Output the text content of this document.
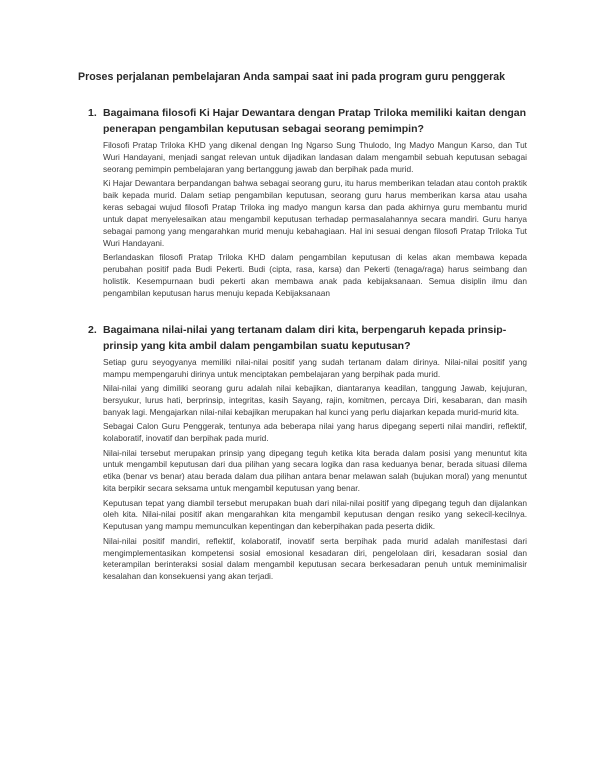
Proses perjalanan pembelajaran Anda sampai saat ini pada program guru penggerak
1. Bagaimana filosofi Ki Hajar Dewantara dengan Pratap Triloka memiliki kaitan dengan penerapan pengambilan keputusan sebagai seorang pemimpin?

Filosofi Pratap Triloka KHD yang dikenal dengan Ing Ngarso Sung Thulodo, Ing Madyo Mangun Karso, dan Tut Wuri Handayani, menjadi sangat relevan untuk dijadikan landasan dalam mengambil sebuah keputusan sebagai seorang pemimpin pembelajaran yang bertanggung jawab dan berpihak pada murid.

Ki Hajar Dewantara berpandangan bahwa sebagai seorang guru, itu harus memberikan teladan atau contoh praktik baik kepada murid. Dalam setiap pengambilan keputusan, seorang guru harus memberikan karsa atau usaha keras sebagai wujud filosofi Pratap Triloka ing madyo mangun karsa dan pada akhirnya guru membantu murid untuk dapat menyelesaikan atau mengambil keputusan terhadap permasalahannya secara mandiri. Guru hanya sebagai pamong yang mengarahkan murid menuju kebahagiaan. Hal ini sesuai dengan filosofi Pratap Triloka Tut Wuri Handayani.

Berlandaskan filosofi Pratap Triloka KHD dalam pengambilan keputusan di kelas akan membawa kepada perubahan positif pada Budi Pekerti. Budi (cipta, rasa, karsa) dan Pekerti (tenaga/raga) harus seimbang dan holistik. Kesempurnaan budi pekerti akan membawa anak pada kebijaksanaan. Semua disiplin ilmu dan pengambilan keputusan harus menuju kepada Kebijaksanaan

2. Bagaimana nilai-nilai yang tertanam dalam diri kita, berpengaruh kepada prinsip-prinsip yang kita ambil dalam pengambilan suatu keputusan?

Setiap guru seyogyanya memiliki nilai-nilai positif yang sudah tertanam dalam dirinya. Nilai-nilai positif yang mampu mempengaruhi dirinya untuk menciptakan pembelajaran yang berpihak pada murid.

Nilai-nilai yang dimiliki seorang guru adalah nilai kebajikan, diantaranya keadilan, tanggung Jawab, kejujuran, bersyukur, lurus hati, berprinsip, integritas, kasih Sayang, rajin, komitmen, percaya Diri, kesabaran, dan masih banyak lagi. Mengajarkan nilai-nilai kebajikan merupakan hal kunci yang perlu diajarkan kepada murid-murid kita.

Sebagai Calon Guru Penggerak, tentunya ada beberapa nilai yang harus dipegang seperti nilai mandiri, reflektif, kolaboratif, inovatif dan berpihak pada murid.

Nilai-nilai tersebut merupakan prinsip yang dipegang teguh ketika kita berada dalam posisi yang menuntut kita untuk mengambil keputusan dari dua pilihan yang secara logika dan rasa keduanya benar, berada situasi dilema etika (benar vs benar) atau berada dalam dua pilihan antara benar melawan salah (bujukan moral) yang menuntut kita berpikir secara seksama untuk mengambil keputusan yang benar.

Keputusan tepat yang diambil tersebut merupakan buah dari nilai-nilai positif yang dipegang teguh dan dijalankan oleh kita. Nilai-nilai positif akan mengarahkan kita mengambil keputusan dengan resiko yang sekecil-kecilnya. Keputusan yang mampu memunculkan kepentingan dan keberpihakan pada peserta didik.

Nilai-nilai positif mandiri, reflektif, kolaboratif, inovatif serta berpihak pada murid adalah manifestasi dari mengimplementasikan kompetensi sosial emosional kesadaran diri, pengelolaan diri, kesadaran sosial dan keterampilan berinteraksi sosial dalam mengambil keputusan secara berkesadaran penuh untuk meminimalisir kesalahan dan konsekuensi yang akan terjadi.
